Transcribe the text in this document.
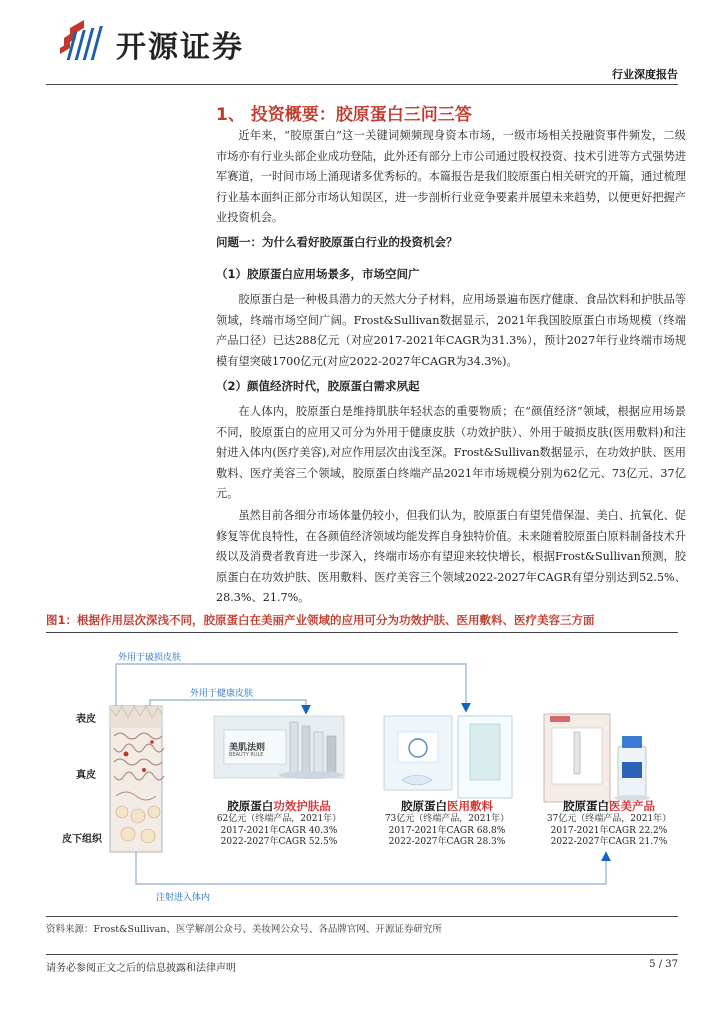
开源证券
行业深度报告
1、 投资概要：胶原蛋白三问三答

近年来，“胶原蛋白”这一关键词频频现身资本市场，一级市场相关投融资事件频发，二级市场亦有行业头部企业成功登陆，此外还有部分上市公司通过股权投资、技术引进等方式强势进军赛道，一时间市场上涌现诸多优秀标的。本篇报告是我们胶原蛋白相关研究的开篇，通过梳理行业基本面纠正部分市场认知误区，进一步剖析行业竞争要素并展望未来趋势，以便更好把握产业投资机会。

问题一：为什么看好胶原蛋白行业的投资机会？
（1）胶原蛋白应用场景多，市场空间广

胶原蛋白是一种极具潜力的天然大分子材料，应用场景遍布医疗健康、食品饮料和护肤品等领域，终端市场空间广阔。Frost&Sullivan数据显示，2021年我国胶原蛋白市场规模（终端产品口径）已达288亿元（对应2017-2021年CAGR为31.3%），预计2027年行业终端市场规模有望突破1700亿元(对应2022-2027年CAGR为34.3%)。

（2）颜值经济时代，胶原蛋白需求夙起

在人体内，胶原蛋白是维持肌肤年轻状态的重要物质；在“颜值经济”领域，根据应用场景不同，胶原蛋白的应用又可分为外用于健康皮肤（功效护肤）、外用于破损皮肤(医用敷料)和注射进入体内(医疗美容),对应作用层次由浅至深。Frost&Sullivan数据显示，在功效护肤、医用敷料、医疗美容三个领域，胶原蛋白终端产品2021年市场规模分别为62亿元、73亿元、37亿元。

虽然目前各细分市场体量仍较小，但我们认为，胶原蛋白有望凭借保湿、美白、抗氧化、促修复等优良特性，在各颜值经济领域均能发挥自身独特价值。未来随着胶原蛋白原料制备技术升级以及消费者教育进一步深入，终端市场亦有望迎来较快增长，根据Frost&Sullivan预测，胶原蛋白在功效护肤、医用敷料、医疗美容三个领域2022-2027年CAGR有望分别达到52.5%、28.3%、21.7%。

图1：根据作用层次深浅不同，胶原蛋白在美丽产业领域的应用可分为功效护肤、医用敷料、医疗美容三方面
外用于破损皮肤
外用于健康皮肤
注射进入体内
表皮
真皮
皮下组织
美肌法则
BEAUTY RULE
胶原蛋白功效护肤品
62亿元（终端产品，2021年）
2017-2021年CAGR 40.3%
2022-2027年CAGR 52.5%
胶原蛋白医用敷料
73亿元（终端产品，2021年）
2017-2021年CAGR 68.8%
2022-2027年CAGR 28.3%
胶原蛋白医美产品
37亿元（终端产品，2021年）
2017-2021年CAGR 22.2%
2022-2027年CAGR 21.7%
资料来源：Frost&Sullivan、医学解剖公众号、美妆网公众号、各品牌官网、开源证券研究所
请务必参阅正文之后的信息披露和法律声明	5 / 37
